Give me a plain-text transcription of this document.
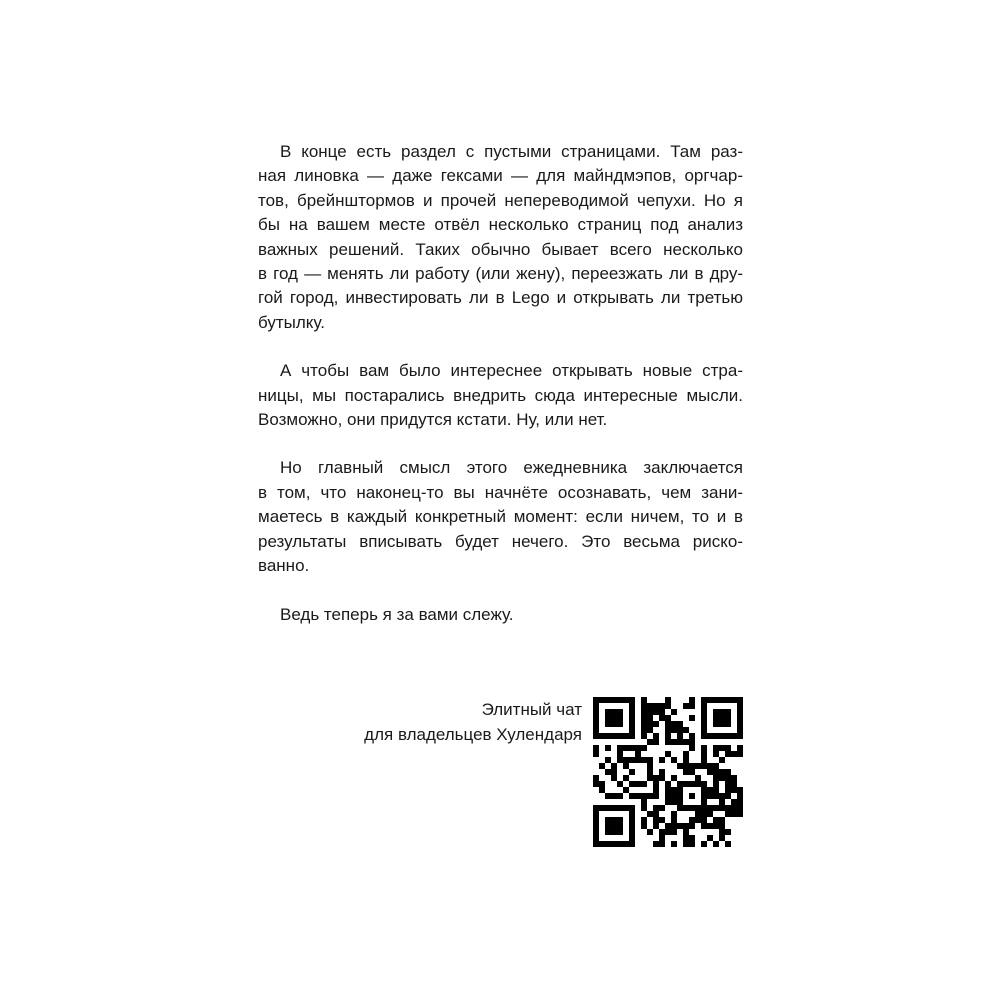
В конце есть раздел с пустыми страницами. Там раз-
ная линовка — даже гексами — для майндмэпов, оргчар-
тов, брейнштормов и прочей непереводимой чепухи. Но я
бы на вашем месте отвёл несколько страниц под анализ
важных решений. Таких обычно бывает всего несколько
в год — менять ли работу (или жену), переезжать ли в дру-
гой город, инвестировать ли в Lego и открывать ли третью
бутылку.

А чтобы вам было интереснее открывать новые стра-
ницы, мы постарались внедрить сюда интересные мысли.
Возможно, они придутся кстати. Ну, или нет.

Но главный смысл этого ежедневника заключается
в том, что наконец-то вы начнёте осознавать, чем зани-
маетесь в каждый конкретный момент: если ничем, то и в
результаты вписывать будет нечего. Это весьма риско-
ванно.

Ведь теперь я за вами слежу.

Элитный чат
для владельцев Хулендаря
